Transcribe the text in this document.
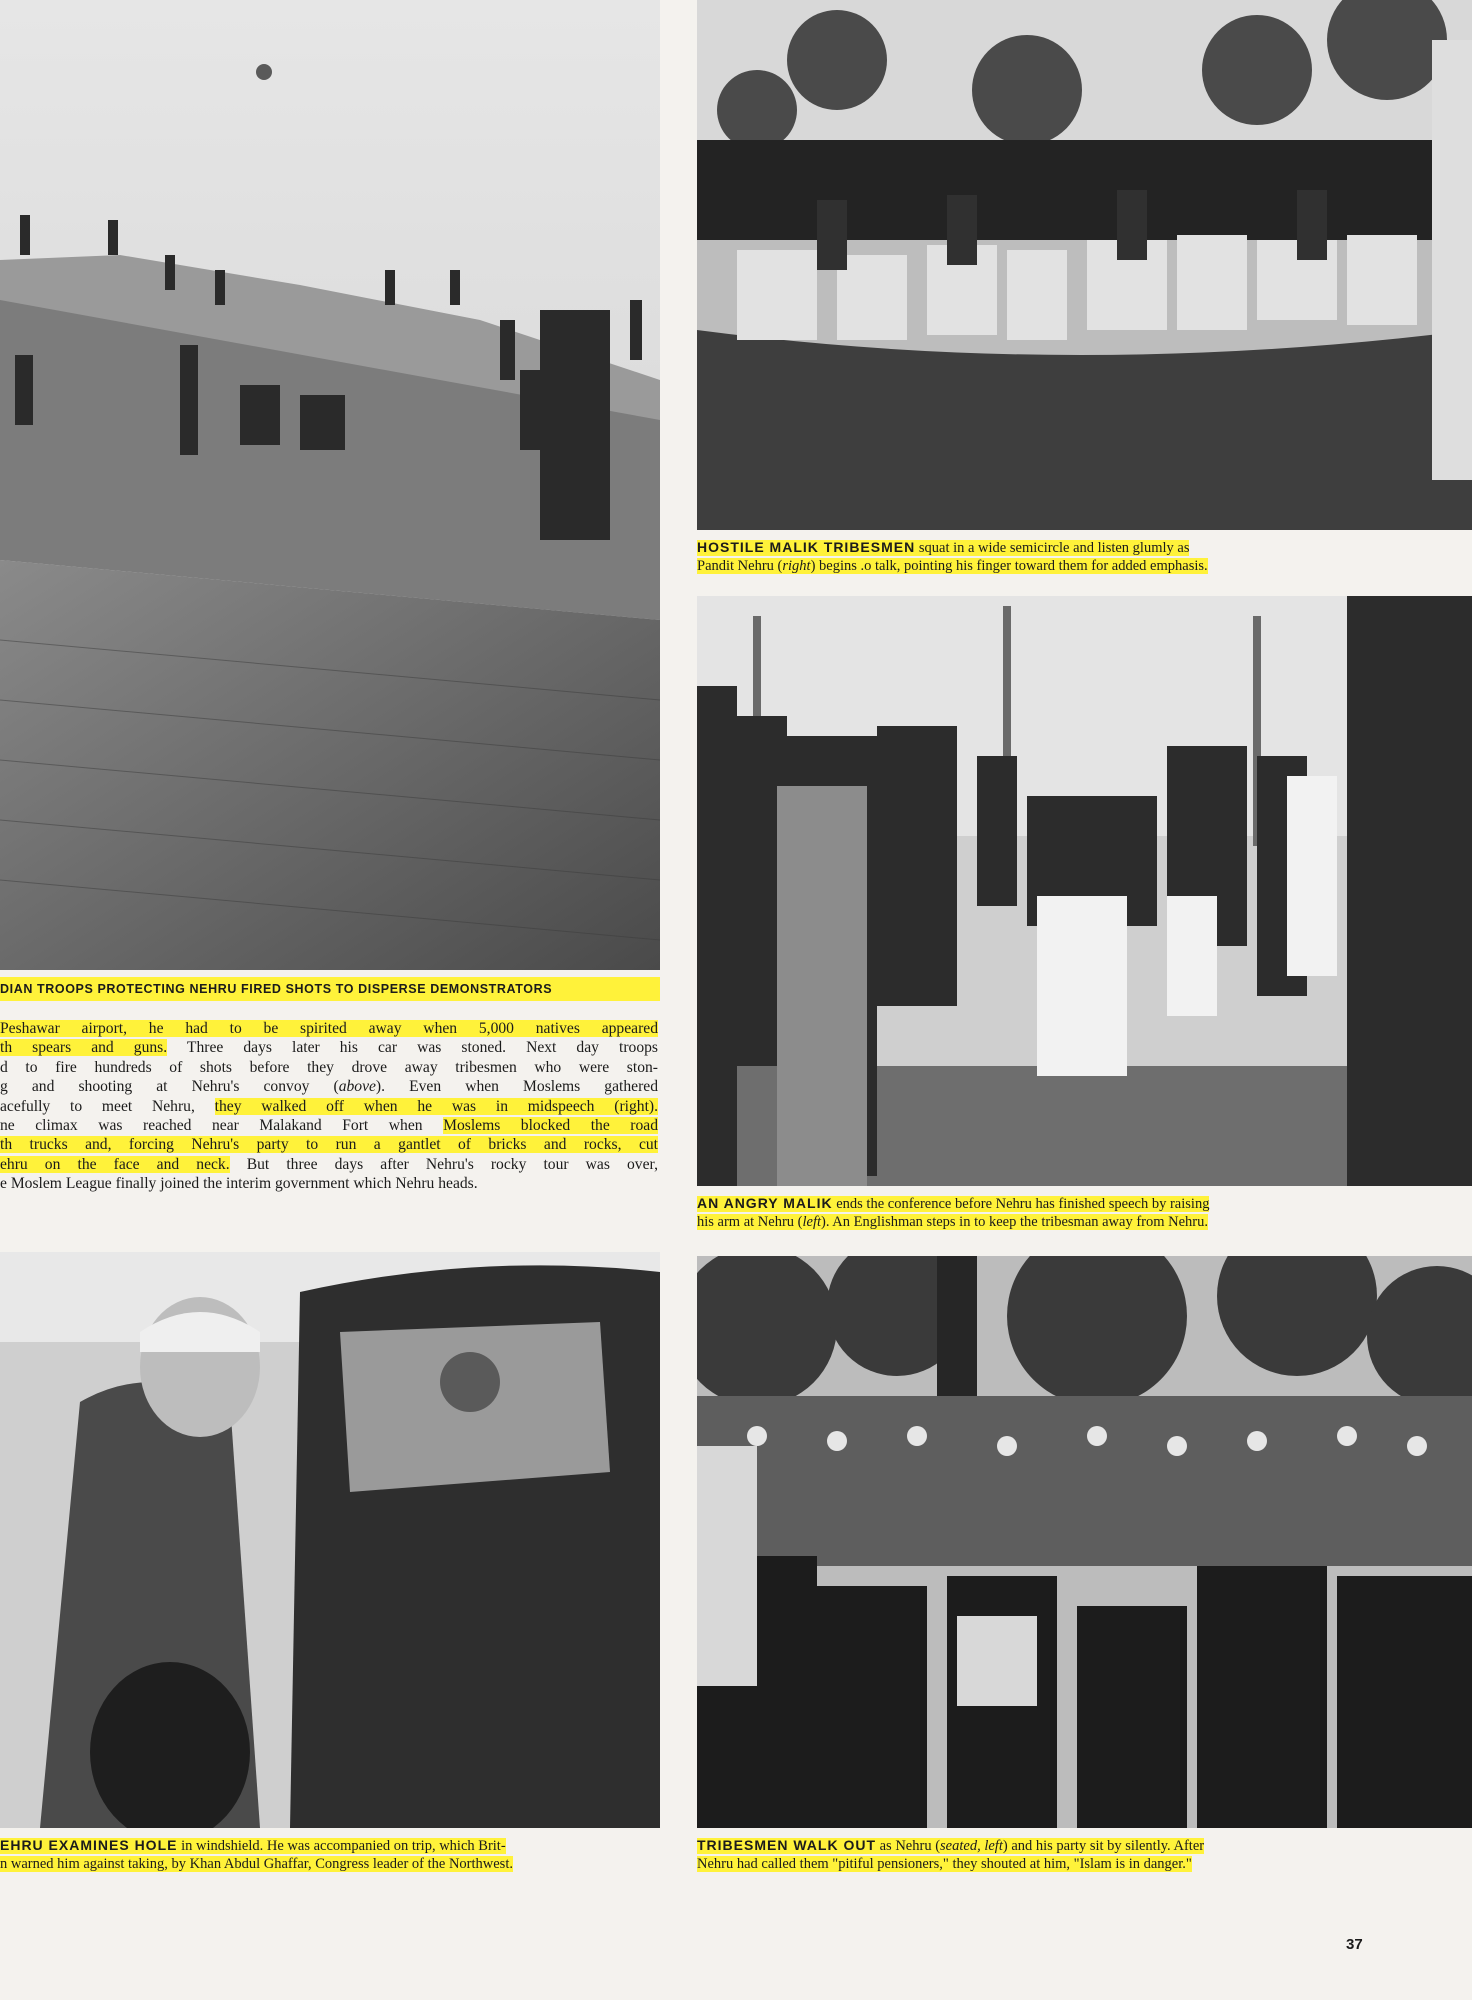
HOSTILE MALIK TRIBESMEN squat in a wide semicircle and listen glumly as
Pandit Nehru (right) begins .o talk, pointing his finger toward them for added emphasis.
AN ANGRY MALIK ends the conference before Nehru has finished speech by raising
his arm at Nehru (left). An Englishman steps in to keep the tribesman away from Nehru.
DIAN TROOPS PROTECTING NEHRU FIRED SHOTS TO DISPERSE DEMONSTRATORS
Peshawar airport, he had to be spirited away when 5,000 natives appeared
th spears and guns. Three days later his car was stoned. Next day troops
d to fire hundreds of shots before they drove away tribesmen who were ston-
g and shooting at Nehru's convoy (above). Even when Moslems gathered
acefully to meet Nehru, they walked off when he was in midspeech (right).
ne climax was reached near Malakand Fort when Moslems blocked the road
th trucks and, forcing Nehru's party to run a gantlet of bricks and rocks, cut
ehru on the face and neck. But three days after Nehru's rocky tour was over,
e Moslem League finally joined the interim government which Nehru heads.
EHRU EXAMINES HOLE in windshield. He was accompanied on trip, which Brit-
n warned him against taking, by Khan Abdul Ghaffar, Congress leader of the Northwest.
TRIBESMEN WALK OUT as Nehru (seated, left) and his party sit by silently. After
Nehru had called them "pitiful pensioners," they shouted at him, "Islam is in danger."
37
